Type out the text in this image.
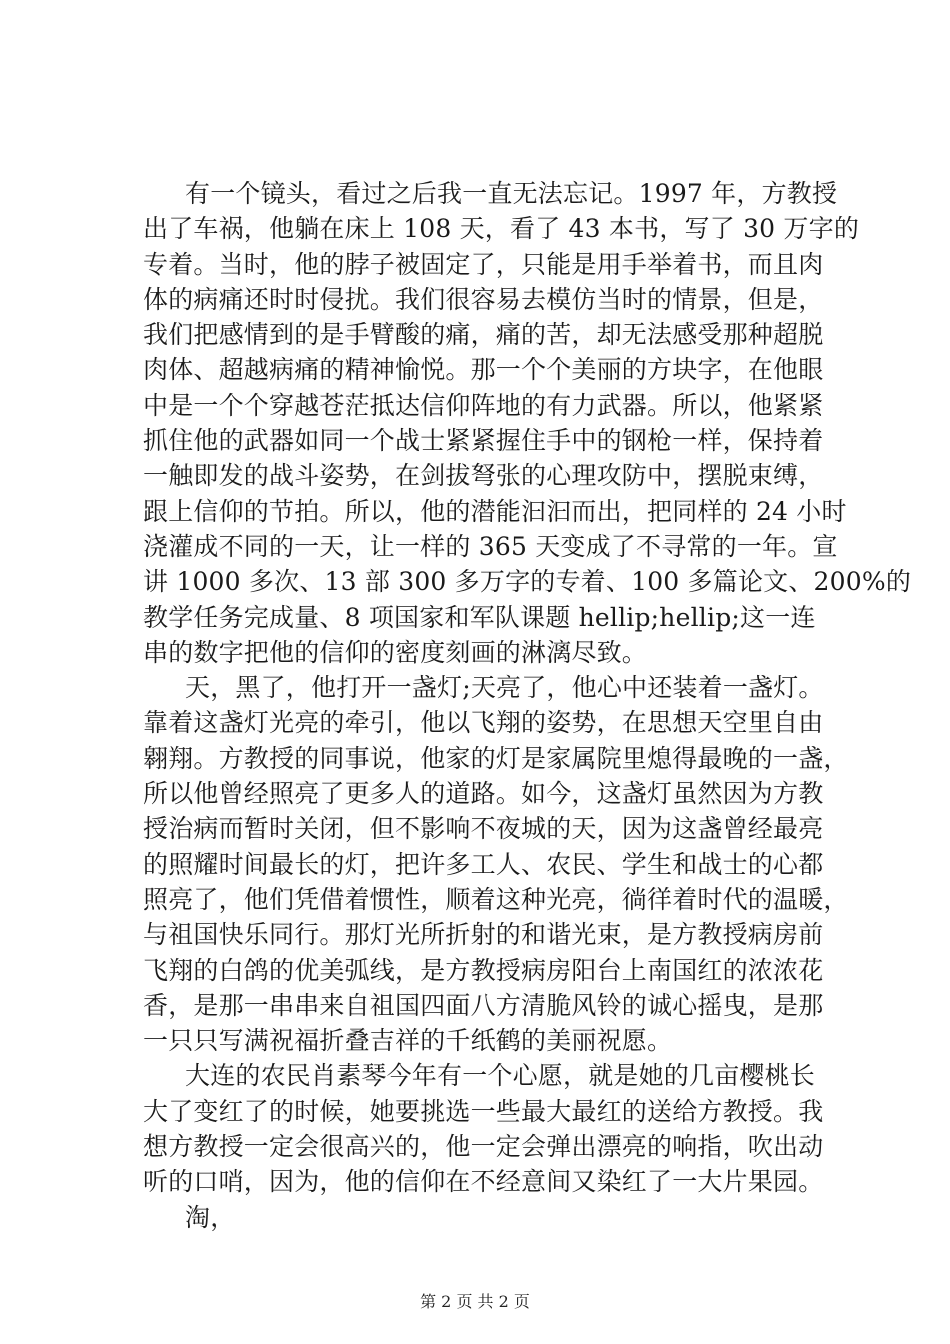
有一个镜头，看过之后我一直无法忘记。1997 年，方教授
出了车祸，他躺在床上 108 天，看了 43 本书，写了 30 万字的
专着。当时，他的脖子被固定了，只能是用手举着书，而且肉
体的病痛还时时侵扰。我们很容易去模仿当时的情景，但是，
我们把感情到的是手臂酸的痛，痛的苦，却无法感受那种超脱
肉体、超越病痛的精神愉悦。那一个个美丽的方块字，在他眼
中是一个个穿越苍茫抵达信仰阵地的有力武器。所以，他紧紧
抓住他的武器如同一个战士紧紧握住手中的钢枪一样，保持着
一触即发的战斗姿势，在剑拔弩张的心理攻防中，摆脱束缚，
跟上信仰的节拍。所以，他的潜能汩汩而出，把同样的 24 小时
浇灌成不同的一天，让一样的 365 天变成了不寻常的一年。宣
讲 1000 多次、13 部 300 多万字的专着、100 多篇论文、200%的
教学任务完成量、8 项国家和军队课题 hellip;hellip;这一连
串的数字把他的信仰的密度刻画的淋漓尽致。
天，黑了，他打开一盏灯;天亮了，他心中还装着一盏灯。
靠着这盏灯光亮的牵引，他以飞翔的姿势，在思想天空里自由
翱翔。方教授的同事说，他家的灯是家属院里熄得最晚的一盏，
所以他曾经照亮了更多人的道路。如今，这盏灯虽然因为方教
授治病而暂时关闭，但不影响不夜城的天，因为这盏曾经最亮
的照耀时间最长的灯，把许多工人、农民、学生和战士的心都
照亮了，他们凭借着惯性，顺着这种光亮，徜徉着时代的温暖，
与祖国快乐同行。那灯光所折射的和谐光束，是方教授病房前
飞翔的白鸽的优美弧线，是方教授病房阳台上南国红的浓浓花
香，是那一串串来自祖国四面八方清脆风铃的诚心摇曳，是那
一只只写满祝福折叠吉祥的千纸鹤的美丽祝愿。
大连的农民肖素琴今年有一个心愿，就是她的几亩樱桃长
大了变红了的时候，她要挑选一些最大最红的送给方教授。我
想方教授一定会很高兴的，他一定会弹出漂亮的响指，吹出动
听的口哨，因为，他的信仰在不经意间又染红了一大片果园。
淘，
第 2 页 共 2 页
